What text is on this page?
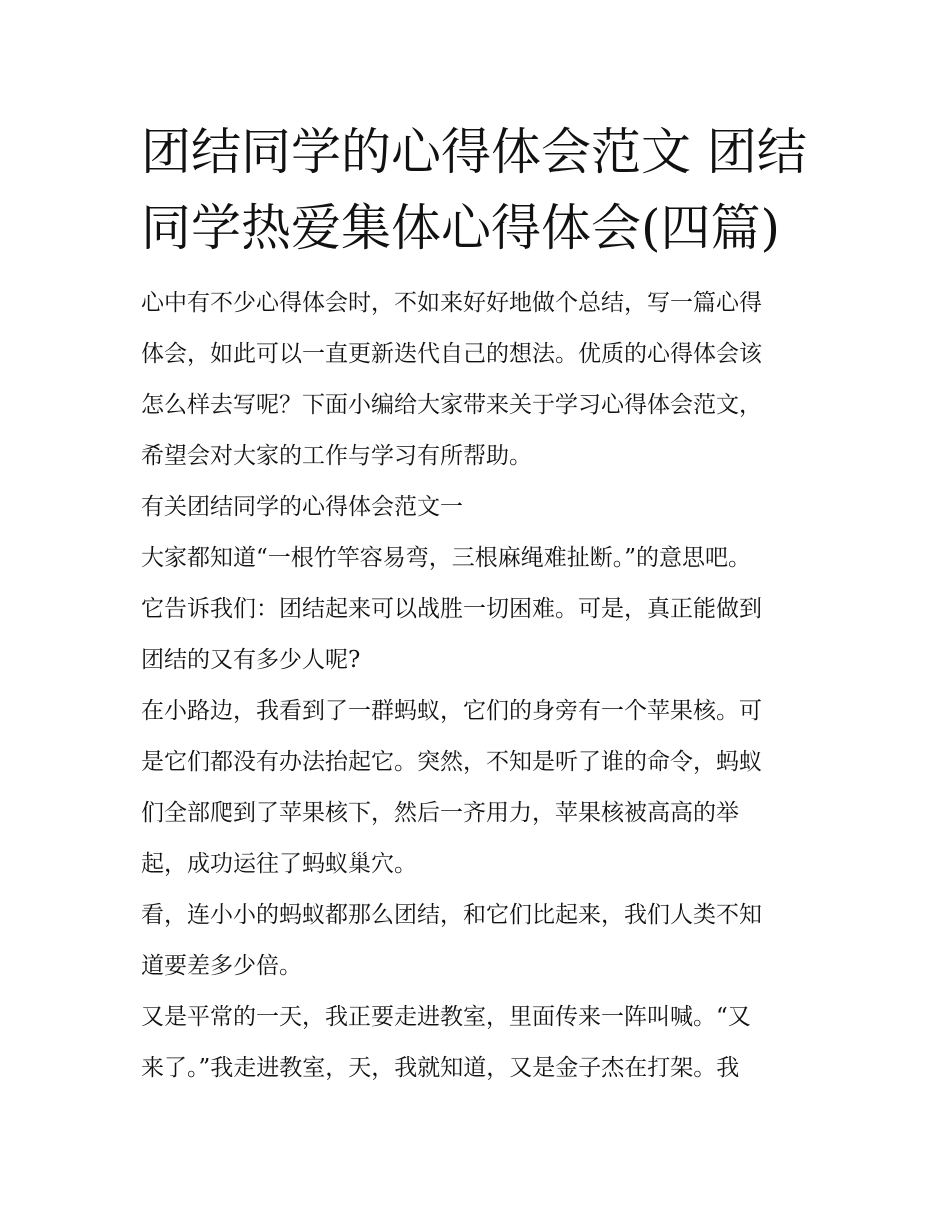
团结同学的心得体会范文 团结
同学热爱集体心得体会(四篇)
心中有不少心得体会时，不如来好好地做个总结，写一篇心得
体会，如此可以一直更新迭代自己的想法。优质的心得体会该
怎么样去写呢？下面小编给大家带来关于学习心得体会范文，
希望会对大家的工作与学习有所帮助。
有关团结同学的心得体会范文一
大家都知道“一根竹竿容易弯，三根麻绳难扯断。”的意思吧。
它告诉我们：团结起来可以战胜一切困难。可是，真正能做到
团结的又有多少人呢?
在小路边，我看到了一群蚂蚁，它们的身旁有一个苹果核。可
是它们都没有办法抬起它。突然，不知是听了谁的命令，蚂蚁
们全部爬到了苹果核下，然后一齐用力，苹果核被高高的举
起，成功运往了蚂蚁巢穴。
看，连小小的蚂蚁都那么团结，和它们比起来，我们人类不知
道要差多少倍。
又是平常的一天，我正要走进教室，里面传来一阵叫喊。“又
来了。”我走进教室，天，我就知道，又是金子杰在打架。我
